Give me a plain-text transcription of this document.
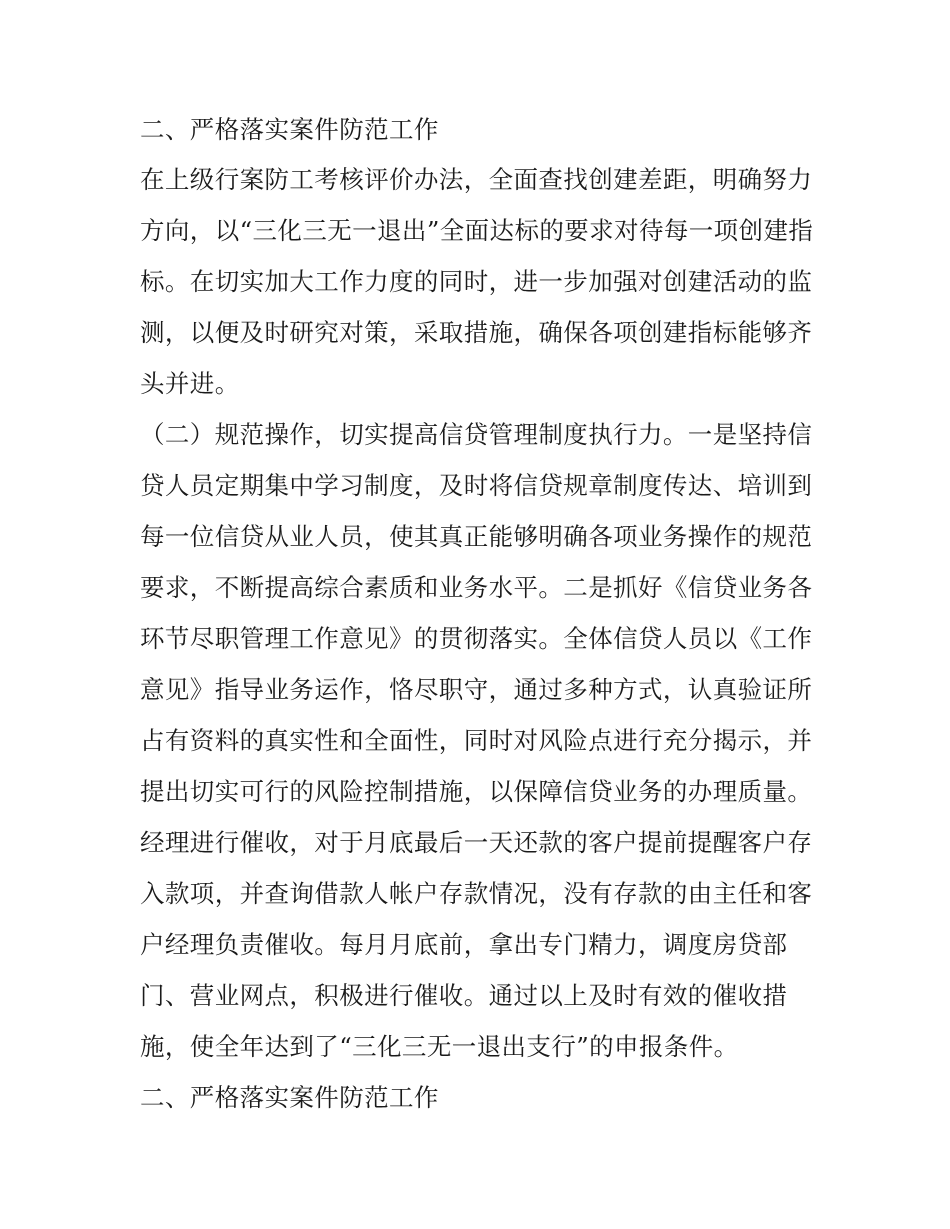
二、严格落实案件防范工作
在上级行案防工考核评价办法，全面查找创建差距，明确努力
方向，以“三化三无一退出”全面达标的要求对待每一项创建指
标。在切实加大工作力度的同时，进一步加强对创建活动的监
测，以便及时研究对策，采取措施，确保各项创建指标能够齐
头并进。
（二）规范操作，切实提高信贷管理制度执行力。一是坚持信
贷人员定期集中学习制度，及时将信贷规章制度传达、培训到
每一位信贷从业人员，使其真正能够明确各项业务操作的规范
要求，不断提高综合素质和业务水平。二是抓好《信贷业务各
环节尽职管理工作意见》的贯彻落实。全体信贷人员以《工作
意见》指导业务运作，恪尽职守，通过多种方式，认真验证所
占有资料的真实性和全面性，同时对风险点进行充分揭示，并
提出切实可行的风险控制措施，以保障信贷业务的办理质量。
经理进行催收，对于月底最后一天还款的客户提前提醒客户存
入款项，并查询借款人帐户存款情况，没有存款的由主任和客
户经理负责催收。每月月底前，拿出专门精力，调度房贷部
门、营业网点，积极进行催收。通过以上及时有效的催收措
施，使全年达到了“三化三无一退出支行”的申报条件。
二、严格落实案件防范工作
